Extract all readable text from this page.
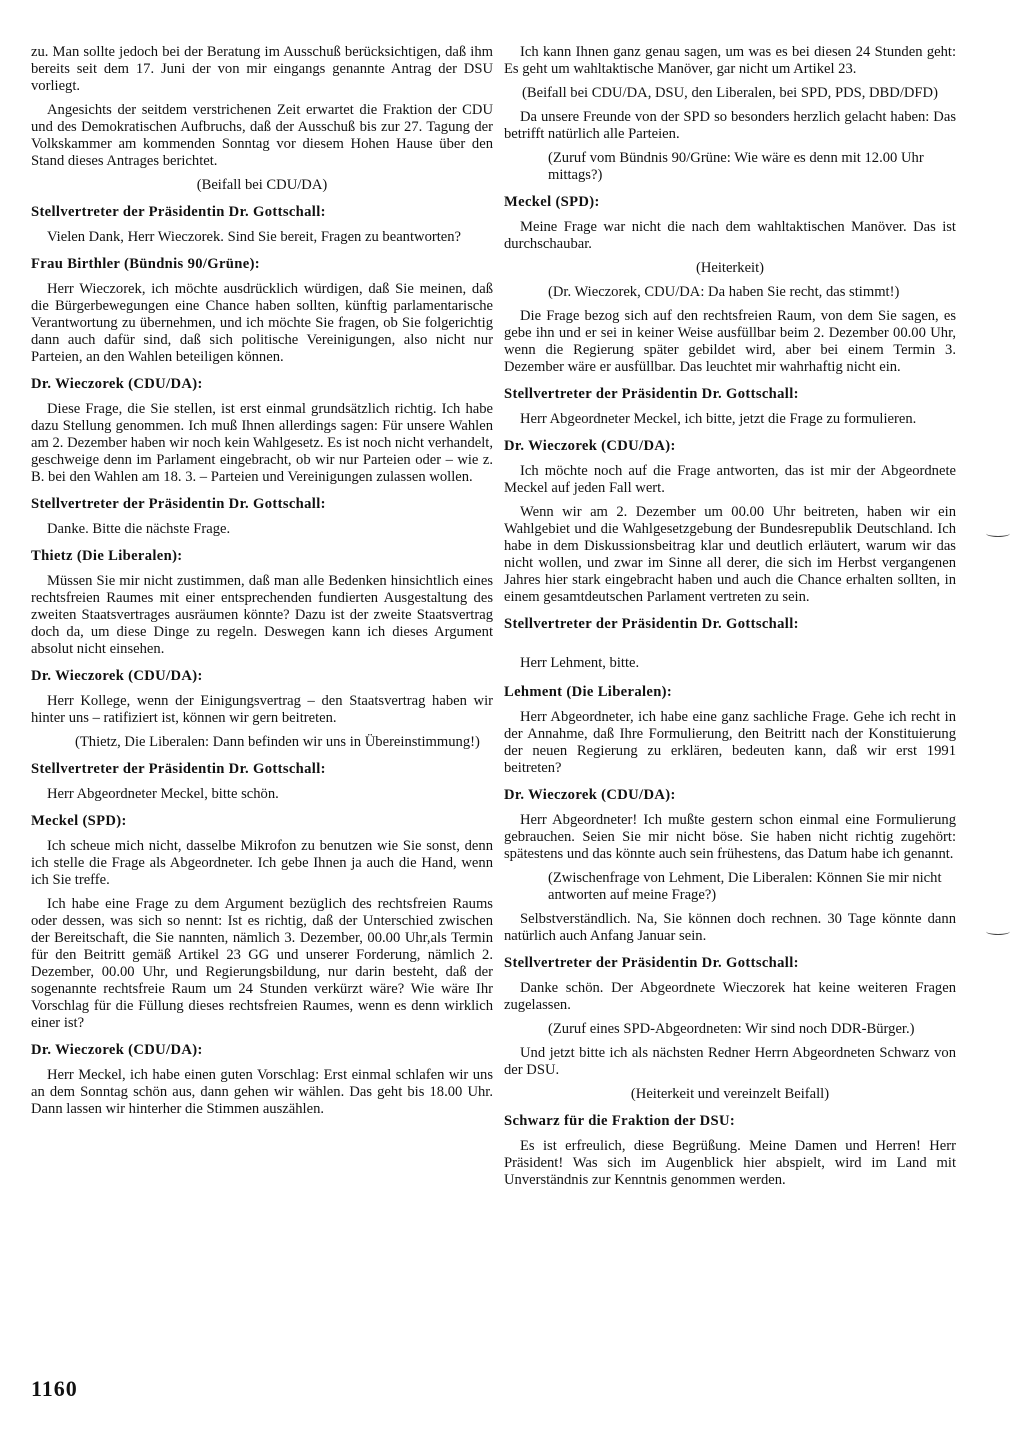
zu. Man sollte jedoch bei der Beratung im Ausschuß berücksichtigen, daß ihm bereits seit dem 17. Juni der von mir eingangs genannte Antrag der DSU vorliegt.
Angesichts der seitdem verstrichenen Zeit erwartet die Fraktion der CDU und des Demokratischen Aufbruchs, daß der Ausschuß bis zur 27. Tagung der Volkskammer am kommenden Sonntag vor diesem Hohen Hause über den Stand dieses Antrages berichtet.
(Beifall bei CDU/DA)
Stellvertreter der Präsidentin Dr. Gottschall:
Vielen Dank, Herr Wieczorek. Sind Sie bereit, Fragen zu beantworten?
Frau Birthler (Bündnis 90/Grüne):
Herr Wieczorek, ich möchte ausdrücklich würdigen, daß Sie meinen, daß die Bürgerbewegungen eine Chance haben sollten, künftig parlamentarische Verantwortung zu übernehmen, und ich möchte Sie fragen, ob Sie folgerichtig dann auch dafür sind, daß sich politische Vereinigungen, also nicht nur Parteien, an den Wahlen beteiligen können.
Dr. Wieczorek (CDU/DA):
Diese Frage, die Sie stellen, ist erst einmal grundsätzlich richtig. Ich habe dazu Stellung genommen. Ich muß Ihnen allerdings sagen: Für unsere Wahlen am 2. Dezember haben wir noch kein Wahlgesetz. Es ist noch nicht verhandelt, geschweige denn im Parlament eingebracht, ob wir nur Parteien oder – wie z. B. bei den Wahlen am 18. 3. – Parteien und Vereinigungen zulassen wollen.
Stellvertreter der Präsidentin Dr. Gottschall:
Danke. Bitte die nächste Frage.
Thietz (Die Liberalen):
Müssen Sie mir nicht zustimmen, daß man alle Bedenken hinsichtlich eines rechtsfreien Raumes mit einer entsprechenden fundierten Ausgestaltung des zweiten Staatsvertrages ausräumen könnte? Dazu ist der zweite Staatsvertrag doch da, um diese Dinge zu regeln. Deswegen kann ich dieses Argument absolut nicht einsehen.
Dr. Wieczorek (CDU/DA):
Herr Kollege, wenn der Einigungsvertrag – den Staatsvertrag haben wir hinter uns – ratifiziert ist, können wir gern beitreten.
(Thietz, Die Liberalen: Dann befinden wir uns in Übereinstimmung!)
Stellvertreter der Präsidentin Dr. Gottschall:
Herr Abgeordneter Meckel, bitte schön.
Meckel (SPD):
Ich scheue mich nicht, dasselbe Mikrofon zu benutzen wie Sie sonst, denn ich stelle die Frage als Abgeordneter. Ich gebe Ihnen ja auch die Hand, wenn ich Sie treffe.
Ich habe eine Frage zu dem Argument bezüglich des rechtsfreien Raums oder dessen, was sich so nennt: Ist es richtig, daß der Unterschied zwischen der Bereitschaft, die Sie nannten, nämlich 3. Dezember, 00.00 Uhr,als Termin für den Beitritt gemäß Artikel 23 GG und unserer Forderung, nämlich 2. Dezember, 00.00 Uhr, und Regierungsbildung, nur darin besteht, daß der sogenannte rechtsfreie Raum um 24 Stunden verkürzt wäre? Wie wäre Ihr Vorschlag für die Füllung dieses rechtsfreien Raumes, wenn es denn wirklich einer ist?
Dr. Wieczorek (CDU/DA):
Herr Meckel, ich habe einen guten Vorschlag: Erst einmal schlafen wir uns an dem Sonntag schön aus, dann gehen wir wählen. Das geht bis 18.00 Uhr. Dann lassen wir hinterher die Stimmen auszählen.
Ich kann Ihnen ganz genau sagen, um was es bei diesen 24 Stunden geht: Es geht um wahltaktische Manöver, gar nicht um Artikel 23.
(Beifall bei CDU/DA, DSU, den Liberalen, bei SPD, PDS, DBD/DFD)
Da unsere Freunde von der SPD so besonders herzlich gelacht haben: Das betrifft natürlich alle Parteien.
(Zuruf vom Bündnis 90/Grüne: Wie wäre es denn mit 12.00 Uhr mittags?)
Meckel (SPD):
Meine Frage war nicht die nach dem wahltaktischen Manöver. Das ist durchschaubar.
(Heiterkeit)
(Dr. Wieczorek, CDU/DA: Da haben Sie recht, das stimmt!)
Die Frage bezog sich auf den rechtsfreien Raum, von dem Sie sagen, es gebe ihn und er sei in keiner Weise ausfüllbar beim 2. Dezember 00.00 Uhr, wenn die Regierung später gebildet wird, aber bei einem Termin 3. Dezember wäre er ausfüllbar. Das leuchtet mir wahrhaftig nicht ein.
Stellvertreter der Präsidentin Dr. Gottschall:
Herr Abgeordneter Meckel, ich bitte, jetzt die Frage zu formulieren.
Dr. Wieczorek (CDU/DA):
Ich möchte noch auf die Frage antworten, das ist mir der Abgeordnete Meckel auf jeden Fall wert.
Wenn wir am 2. Dezember um 00.00 Uhr beitreten, haben wir ein Wahlgebiet und die Wahlgesetzgebung der Bundesrepublik Deutschland. Ich habe in dem Diskussionsbeitrag klar und deutlich erläutert, warum wir das nicht wollen, und zwar im Sinne all derer, die sich im Herbst vergangenen Jahres hier stark eingebracht haben und auch die Chance erhalten sollten, in einem gesamtdeutschen Parlament vertreten zu sein.
Stellvertreter der Präsidentin Dr. Gottschall:
Herr Lehment, bitte.
Lehment (Die Liberalen):
Herr Abgeordneter, ich habe eine ganz sachliche Frage. Gehe ich recht in der Annahme, daß Ihre Formulierung, den Beitritt nach der Konstituierung der neuen Regierung zu erklären, bedeuten kann, daß wir erst 1991 beitreten?
Dr. Wieczorek (CDU/DA):
Herr Abgeordneter! Ich mußte gestern schon einmal eine Formulierung gebrauchen. Seien Sie mir nicht böse. Sie haben nicht richtig zugehört: spätestens und das könnte auch sein frühestens, das Datum habe ich genannt.
(Zwischenfrage von Lehment, Die Liberalen: Können Sie mir nicht antworten auf meine Frage?)
Selbstverständlich. Na, Sie können doch rechnen. 30 Tage könnte dann natürlich auch Anfang Januar sein.
Stellvertreter der Präsidentin Dr. Gottschall:
Danke schön. Der Abgeordnete Wieczorek hat keine weiteren Fragen zugelassen.
(Zuruf eines SPD-Abgeordneten: Wir sind noch DDR-Bürger.)
Und jetzt bitte ich als nächsten Redner Herrn Abgeordneten Schwarz von der DSU.
(Heiterkeit und vereinzelt Beifall)
Schwarz für die Fraktion der DSU:
Es ist erfreulich, diese Begrüßung. Meine Damen und Herren! Herr Präsident! Was sich im Augenblick hier abspielt, wird im Land mit Unverständnis zur Kenntnis genommen werden.
1160
